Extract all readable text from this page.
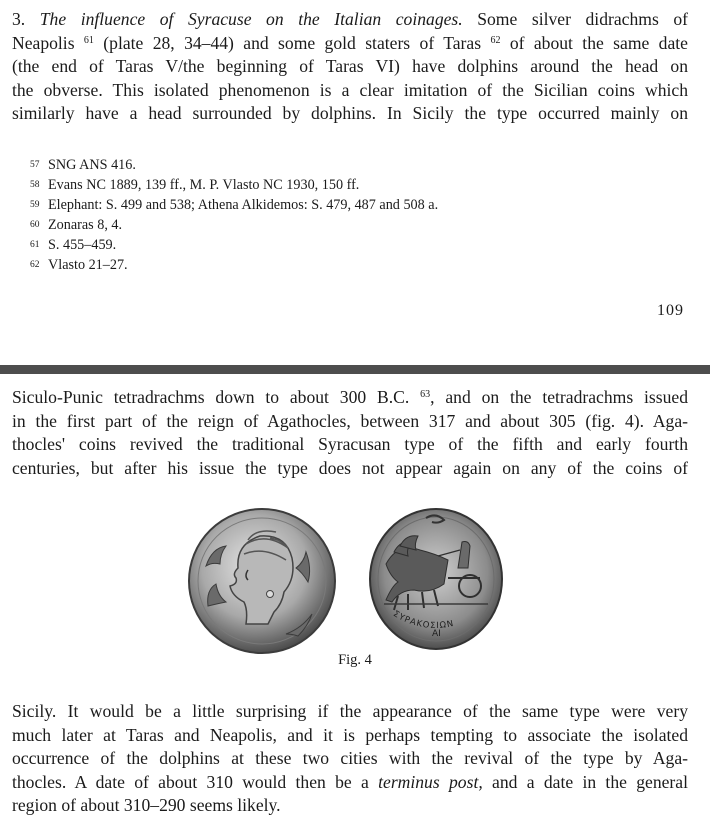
3. The influence of Syracuse on the Italian coinages. Some silver didrachms of
Neapolis $^{61}$ (plate 28, 34–44) and some gold staters of Taras $^{62}$ of about the same date
(the end of Taras V/the beginning of Taras VI) have dolphins around the head on
the obverse. This isolated phenomenon is a clear imitation of the Sicilian coins which
similarly have a head surrounded by dolphins. In Sicily the type occurred mainly on
57 SNG ANS 416.
58 Evans NC 1889, 139 ff., M. P. Vlasto NC 1930, 150 ff.
59 Elephant: S. 499 and 538; Athena Alkidemos: S. 479, 487 and 508 a.
60 Zonaras 8, 4.
61 S. 455–459.
62 Vlasto 21–27.
109
Siculo-Punic tetradrachms down to about 300 B.C. $^{63}$, and on the tetradrachms issued
in the first part of the reign of Agathocles, between 317 and about 305 (fig. 4). Aga-
thocles' coins revived the traditional Syracusan type of the fifth and early fourth
centuries, but after his issue the type does not appear again on any of the coins of
ΣΥΡΑΚΟΣΙΩΝ
ΑΙ
Fig. 4
Sicily. It would be a little surprising if the appearance of the same type were very
much later at Taras and Neapolis, and it is perhaps tempting to associate the isolated
occurrence of the dolphins at these two cities with the revival of the type by Aga-
thocles. A date of about 310 would then be a terminus post, and a date in the general
region of about 310–290 seems likely.
